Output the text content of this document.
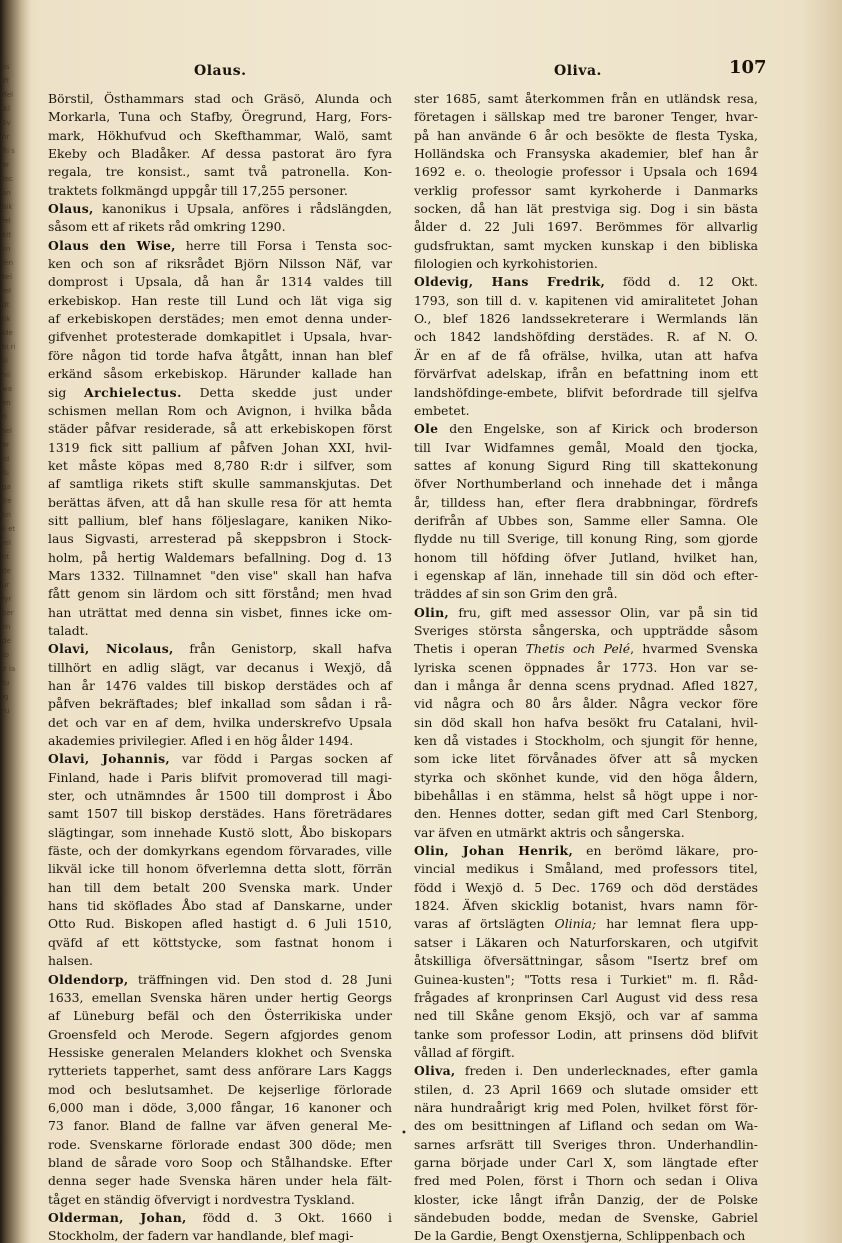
lis ift ffel ikl Sv hr fti s ar tec on bik fel elt lin fen kei rel dt ok ide bi ri iii lvi wa en ri sel ar rd fu ga fre kri li et rel nt de ur fyr per lin de to ir la tu ig ru
Olaus.	Oliva.	107
Börstil, Östhammars stad och Gräsö, Alunda och
Morkarla, Tuna och Stafby, Öregrund, Harg, Fors-
mark, Hökhufvud och Skefthammar, Walö, samt
Ekeby och Bladåker. Af dessa pastorat äro fyra
regala, tre konsist., samt två patronella. Kon-
traktets folkmängd uppgår till 17,255 personer.
Olaus, kanonikus i Upsala, anföres i rådslängden,
såsom ett af rikets råd omkring 1290.
Olaus den Wise, herre till Forsa i Tensta soc-
ken och son af riksrådet Björn Nilsson Näf, var
domprost i Upsala, då han år 1314 valdes till
erkebiskop. Han reste till Lund och lät viga sig
af erkebiskopen derstädes; men emot denna under-
gifvenhet protesterade domkapitlet i Upsala, hvar-
före någon tid torde hafva åtgått, innan han blef
erkänd såsom erkebiskop. Härunder kallade han
sig Archielectus. Detta skedde just under
schismen mellan Rom och Avignon, i hvilka båda
städer påfvar residerade, så att erkebiskopen först
1319 fick sitt pallium af påfven Johan XXI, hvil-
ket måste köpas med 8,780 R:dr i silfver, som
af samtliga rikets stift skulle sammanskjutas. Det
berättas äfven, att då han skulle resa för att hemta
sitt pallium, blef hans följeslagare, kaniken Niko-
laus Sigvasti, arresterad på skeppsbron i Stock-
holm, på hertig Waldemars befallning. Dog d. 13
Mars 1332. Tillnamnet "den vise" skall han hafva
fått genom sin lärdom och sitt förstånd; men hvad
han uträttat med denna sin visbet, finnes icke om-
taladt.
Olavi, Nicolaus, från Genistorp, skall hafva
tillhört en adlig slägt, var decanus i Wexjö, då
han år 1476 valdes till biskop derstädes och af
påfven bekräftades; blef inkallad som sådan i rå-
det och var en af dem, hvilka underskrefvo Upsala
akademies privilegier. Afled i en hög ålder 1494.
Olavi, Johannis, var född i Pargas socken af
Finland, hade i Paris blifvit promoverad till magi-
ster, och utnämndes år 1500 till domprost i Åbo
samt 1507 till biskop derstädes. Hans företrädares
slägtingar, som innehade Kustö slott, Åbo biskopars
fäste, och der domkyrkans egendom förvarades, ville
likväl icke till honom öfverlemna detta slott, förrän
han till dem betalt 200 Svenska mark. Under
hans tid sköflades Åbo stad af Danskarne, under
Otto Rud. Biskopen afled hastigt d. 6 Juli 1510,
qväfd af ett köttstycke, som fastnat honom i
halsen.
Oldendorp, träffningen vid. Den stod d. 28 Juni
1633, emellan Svenska hären under hertig Georgs
af Lüneburg befäl och den Österrikiska under
Groensfeld och Merode. Segern afgjordes genom
Hessiske generalen Melanders klokhet och Svenska
rytteriets tapperhet, samt dess anförare Lars Kaggs
mod och beslutsamhet. De kejserlige förlorade
6,000 man i döde, 3,000 fångar, 16 kanoner och
73 fanor. Bland de fallne var äfven general Me-
rode. Svenskarne förlorade endast 300 döde; men
bland de sårade voro Soop och Stålhandske. Efter
denna seger hade Svenska hären under hela fält-
tåget en ständig öfvervigt i nordvestra Tyskland.
Olderman, Johan, född d. 3 Okt. 1660 i
Stockholm, der fadern var handlande, blef magi-
ster 1685, samt återkommen från en utländsk resa,
företagen i sällskap med tre baroner Tenger, hvar-
på han använde 6 år och besökte de flesta Tyska,
Holländska och Fransyska akademier, blef han år
1692 e. o. theologie professor i Upsala och 1694
verklig professor samt kyrkoherde i Danmarks
socken, då han lät prestviga sig. Dog i sin bästa
ålder d. 22 Juli 1697. Berömmes för allvarlig
gudsfruktan, samt mycken kunskap i den bibliska
filologien och kyrkohistorien.
Oldevig, Hans Fredrik, född d. 12 Okt.
1793, son till d. v. kapitenen vid amiralitetet Johan
O., blef 1826 landssekreterare i Wermlands län
och 1842 landshöfding derstädes. R. af N. O.
Är en af de få ofrälse, hvilka, utan att hafva
förvärfvat adelskap, ifrån en befattning inom ett
landshöfdinge-embete, blifvit befordrade till sjelfva
embetet.
Ole den Engelske, son af Kirick och broderson
till Ivar Widfamnes gemål, Moald den tjocka,
sattes af konung Sigurd Ring till skattekonung
öfver Northumberland och innehade det i många
år, tilldess han, efter flera drabbningar, fördrefs
derifrån af Ubbes son, Samme eller Samna. Ole
flydde nu till Sverige, till konung Ring, som gjorde
honom till höfding öfver Jutland, hvilket han,
i egenskap af län, innehade till sin död och efter-
träddes af sin son Grim den grå.
Olin, fru, gift med assessor Olin, var på sin tid
Sveriges största sångerska, och uppträdde såsom
Thetis i operan Thetis och Pelé, hvarmed Svenska
lyriska scenen öppnades år 1773. Hon var se-
dan i många år denna scens prydnad. Afled 1827,
vid några och 80 års ålder. Några veckor före
sin död skall hon hafva besökt fru Catalani, hvil-
ken då vistades i Stockholm, och sjungit för henne,
som icke litet förvånades öfver att så mycken
styrka och skönhet kunde, vid den höga åldern,
bibehållas i en stämma, helst så högt uppe i nor-
den. Hennes dotter, sedan gift med Carl Stenborg,
var äfven en utmärkt aktris och sångerska.
Olin, Johan Henrik, en berömd läkare, pro-
vincial medikus i Småland, med professors titel,
född i Wexjö d. 5 Dec. 1769 och död derstädes
1824. Äfven skicklig botanist, hvars namn för-
varas af örtslägten Olinia; har lemnat flera upp-
satser i Läkaren och Naturforskaren, och utgifvit
åtskilliga öfversättningar, såsom "Isertz bref om
Guinea-kusten"; "Totts resa i Turkiet" m. fl. Råd-
frågades af kronprinsen Carl August vid dess resa
ned till Skåne genom Eksjö, och var af samma
tanke som professor Lodin, att prinsens död blifvit
vållad af förgift.
Oliva, freden i. Den underlecknades, efter gamla
stilen, d. 23 April 1669 och slutade omsider ett
nära hundraårigt krig med Polen, hvilket först för-
des om besittningen af Lifland och sedan om Wa-
sarnes arfsrätt till Sveriges thron. Underhandlin-
garna började under Carl X, som längtade efter
fred med Polen, först i Thorn och sedan i Oliva
kloster, icke långt ifrån Danzig, der de Polske
sändebuden bodde, medan de Svenske, Gabriel
De la Gardie, Bengt Oxenstjerna, Schlippenbach och
•
